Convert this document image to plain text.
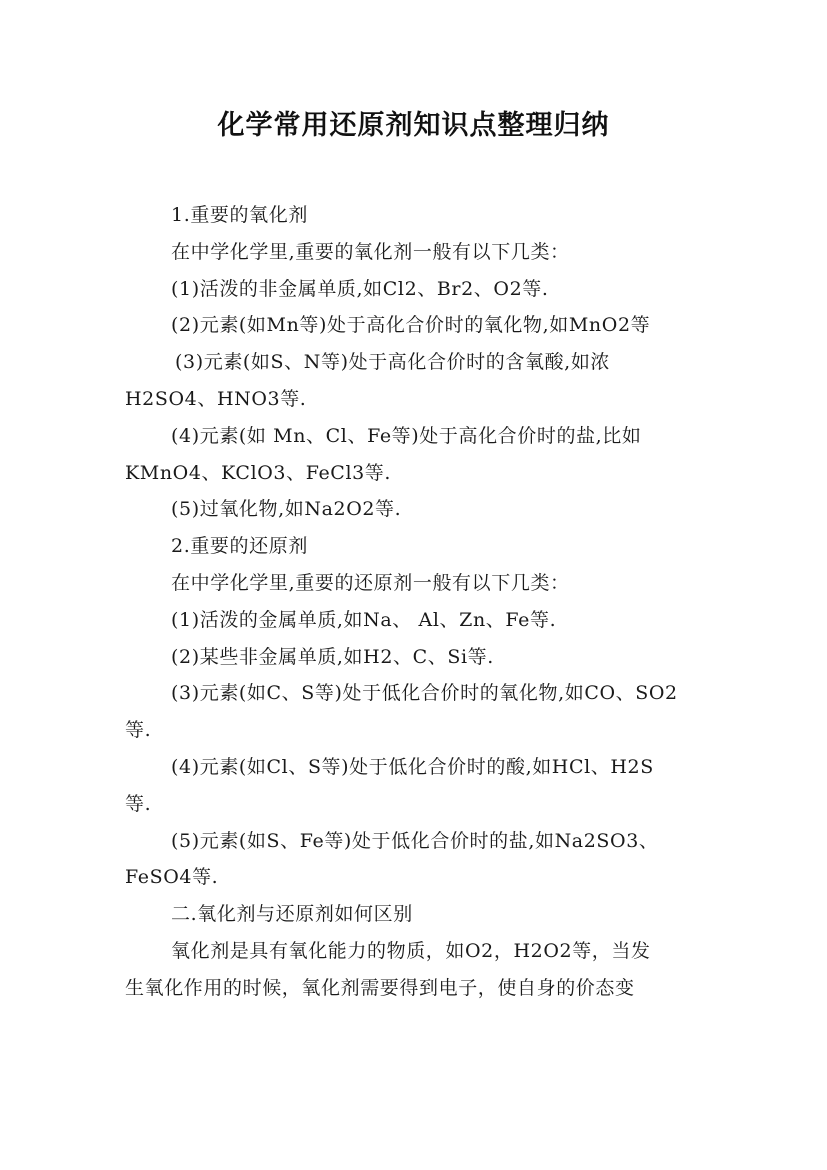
化学常用还原剂知识点整理归纳

1.重要的氧化剂

在中学化学里,重要的氧化剂一般有以下几类：

(1)活泼的非金属单质,如Cl2、Br2、O2等.

(2)元素(如Mn等)处于高化合价时的氧化物,如MnO2等

(3)元素(如S、N等)处于高化合价时的含氧酸,如浓

H2SO4、HNO3等.

(4)元素(如 Mn、Cl、Fe等)处于高化合价时的盐,比如

KMnO4、KClO3、FeCl3等.

(5)过氧化物,如Na2O2等.

2.重要的还原剂

在中学化学里,重要的还原剂一般有以下几类：

(1)活泼的金属单质,如Na、 Al、Zn、Fe等.

(2)某些非金属单质,如H2、C、Si等.

(3)元素(如C、S等)处于低化合价时的氧化物,如CO、SO2

等.

(4)元素(如Cl、S等)处于低化合价时的酸,如HCl、H2S

等.

(5)元素(如S、Fe等)处于低化合价时的盐,如Na2SO3、

FeSO4等.

二.氧化剂与还原剂如何区别

氧化剂是具有氧化能力的物质，如O2，H2O2等，当发

生氧化作用的时候，氧化剂需要得到电子，使自身的价态变
